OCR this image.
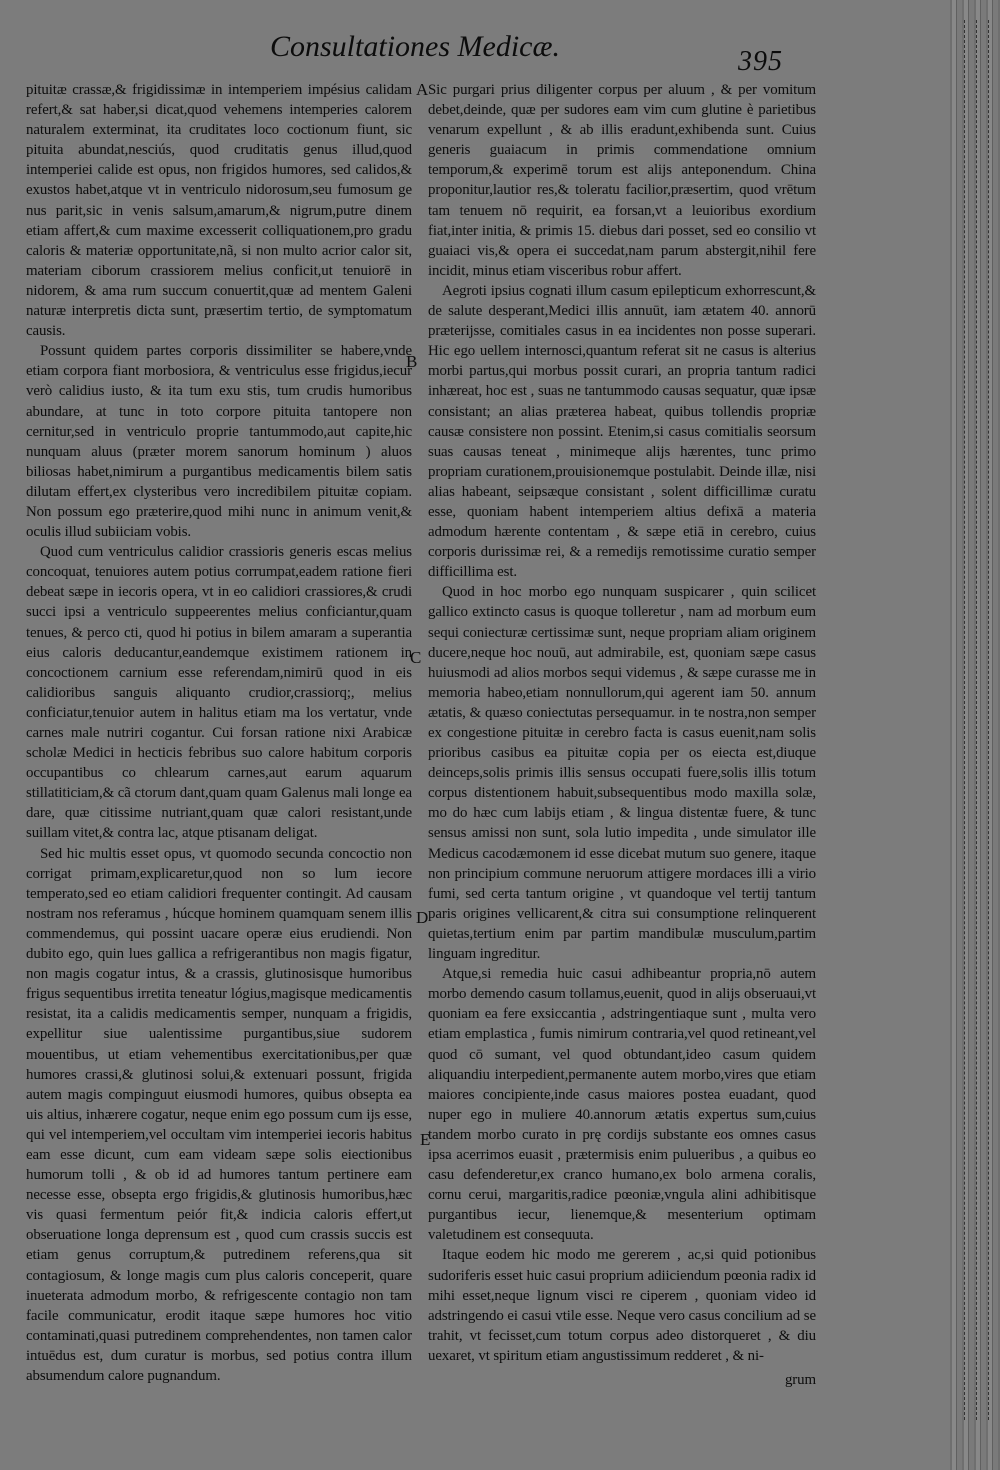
Consultationes Medicæ.	395

pituitæ crassæ,& frigidissimæ in intemperiem impésius calidam refert,& sat haber,si dicat,quod vehemens intemperies calorem naturalem exterminat, ita cruditates loco coctionum fiunt, sic pituita abundat,nesciús, quod cruditatis genus illud,quod intemperiei calide est opus, non frigidos humores, sed calidos,& exustos habet,atque vt in ventriculo nidorosum,seu fumosum ge nus parit,sic in venis salsum,amarum,& nigrum,putre dinem etiam affert,& cum maxime excesserit colliquationem,pro gradu caloris & materiæ opportunitate,nã, si non multo acrior calor sit, materiam ciborum crassiorem melius conficit,ut tenuiorē in nidorem, & ama rum succum conuertit,quæ ad mentem Galeni naturæ interpretis dicta sunt, præsertim tertio, de symptomatum causis.

Possunt quidem partes corporis dissimiliter se habere,vnde etiam corpora fiant morbosiora, & ventriculus esse frigidus,iecur verò calidius iusto, & ita tum exu stis, tum crudis humoribus abundare, at tunc in toto corpore pituita tantopere non cernitur,sed in ventriculo proprie tantummodo,aut capite,hic nunquam aluus (præter morem sanorum hominum ) aluos biliosas habet,nimirum a purgantibus medicamentis bilem satis dilutam effert,ex clysteribus vero incredibilem pituitæ copiam. Non possum ego præterire,quod mihi nunc in animum venit,& oculis illud subiiciam vobis.

Quod cum ventriculus calidior crassioris generis escas melius concoquat, tenuiores autem potius corrumpat,eadem ratione fieri debeat sæpe in iecoris opera, vt in eo calidiori crassiores,& crudi succi ipsi a ventriculo suppeerentes melius conficiantur,quam tenues, & perco cti, quod hi potius in bilem amaram a superantia eius caloris deducantur,eandemque existimem rationem in concoctionem carnium esse referendam,nimirū quod in eis calidioribus sanguis aliquanto crudior,crassiorq;, melius conficiatur,tenuior autem in halitus etiam ma los vertatur, vnde carnes male nutriri cogantur. Cui forsan ratione nixi Arabicæ scholæ Medici in hecticis febribus suo calore habitum corporis occupantibus co chlearum carnes,aut earum aquarum stillatiticiam,& cã ctorum dant,quam quam Galenus mali longe ea dare, quæ citissime nutriant,quam quæ calori resistant,unde suillam vitet,& contra lac, atque ptisanam deligat.

Sed hic multis esset opus, vt quomodo secunda concoctio non corrigat primam,explicaretur,quod non so lum iecore temperato,sed eo etiam calidiori frequenter contingit. Ad causam nostram nos referamus , húcque hominem quamquam senem illis commendemus, qui possint uacare operæ eius erudiendi. Non dubito ego, quin lues gallica a refrigerantibus non magis figatur, non magis cogatur intus, & a crassis, glutinosisque humoribus frigus sequentibus irretita teneatur lógius,magisque medicamentis resistat, ita a calidis medicamentis semper, nunquam a frigidis, expellitur siue ualentissime purgantibus,siue sudorem mouentibus, ut etiam vehementibus exercitationibus,per quæ humores crassi,& glutinosi solui,& extenuari possunt, frigida autem magis compinguut eiusmodi humores, quibus obsepta ea uis altius, inhærere cogatur, neque enim ego possum cum ijs esse, qui vel intemperiem,vel occultam vim intemperiei iecoris habitus eam esse dicunt, cum eam videam sæpe solis eiectionibus humorum tolli , & ob id ad humores tantum pertinere eam necesse esse, obsepta ergo frigidis,& glutinosis humoribus,hæc vis quasi fermentum peiór fit,& indicia caloris effert,ut obseruatione longa deprensum est , quod cum crassis succis est etiam genus corruptum,& putredinem referens,qua sit contagiosum, & longe magis cum plus caloris conceperit, quare inueterata admodum morbo, & refrigescente contagio non tam facile communicatur, erodit itaque sæpe humores hoc vitio contaminati,quasi putredinem comprehendentes, non tamen calor intuēdus est, dum curatur is morbus, sed potius contra illum absumendum calore pugnandum.

Sic purgari prius diligenter corpus per aluum , & per vomitum debet,deinde, quæ per sudores eam vim cum glutine è parietibus venarum expellunt , & ab illis eradunt,exhibenda sunt. Cuius generis guaiacum in primis commendatione omnium temporum,& experimē torum est alijs anteponendum. China proponitur,lautior res,& toleratu facilior,præsertim, quod vrētum tam tenuem nō requirit, ea forsan,vt a leuioribus exordium fiat,inter initia, & primis 15. diebus dari posset, sed eo consilio vt guaiaci vis,& opera ei succedat,nam parum abstergit,nihil fere incidit, minus etiam visceribus robur affert.

Aegroti ipsius cognati illum casum epilepticum exhorrescunt,& de salute desperant,Medici illis annuūt, iam ætatem 40. annorū præterijsse, comitiales casus in ea incidentes non posse superari. Hic ego uellem internosci,quantum referat sit ne casus is alterius morbi partus,qui morbus possit curari, an propria tantum radici inhæreat, hoc est , suas ne tantummodo causas sequatur, quæ ipsæ consistant; an alias præterea habeat, quibus tollendis propriæ causæ consistere non possint. Etenim,si casus comitialis seorsum suas causas teneat , minimeque alijs hærentes, tunc primo propriam curationem,prouisionemque postulabit. Deinde illæ, nisi alias habeant, seipsæque consistant , solent difficillimæ curatu esse, quoniam habent intemperiem altius defixā a materia admodum hærente contentam , & sæpe etiā in cerebro, cuius corporis durissimæ rei, & a remedijs remotissime curatio semper difficillima est.

Quod in hoc morbo ego nunquam suspicarer , quin scilicet gallico extincto casus is quoque tolleretur , nam ad morbum eum sequi coniecturæ certissimæ sunt, neque propriam aliam originem ducere,neque hoc nouū, aut admirabile, est, quoniam sæpe casus huiusmodi ad alios morbos sequi videmus , & sæpe curasse me in memoria habeo,etiam nonnullorum,qui agerent iam 50. annum ætatis, & quæso coniectutas persequamur. in te nostra,non semper ex congestione pituitæ in cerebro facta is casus euenit,nam solis prioribus casibus ea pituitæ copia per os eiecta est,diuque deinceps,solis primis illis sensus occupati fuere,solis illis totum corpus distentionem habuit,subsequentibus modo maxilla solæ, mo do hæc cum labijs etiam , & lingua distentæ fuere, & tunc sensus amissi non sunt, sola lutio impedita , unde simulator ille Medicus cacodæmonem id esse dicebat mutum suo genere, itaque non principium commune neruorum attigere mordaces illi a virio fumi, sed certa tantum origine , vt quandoque vel tertij tantum paris origines vellicarent,& citra sui consumptione relinquerent quietas,tertium enim par partim mandibulæ musculum,partim linguam ingreditur.

Atque,si remedia huic casui adhibeantur propria,nō autem morbo demendo casum tollamus,euenit, quod in alijs obseruaui,vt quoniam ea fere exsiccantia , adstringentiaque sunt , multa vero etiam emplastica , fumis nimirum contraria,vel quod retineant,vel quod cō sumant, vel quod obtundant,ideo casum quidem aliquandiu interpedient,permanente autem morbo,vires que etiam maiores concipiente,inde casus maiores postea euadant, quod nuper ego in muliere 40.annorum ætatis expertus sum,cuius tandem morbo curato in prę cordijs substante eos omnes casus ipsa acerrimos euasit , prætermisis enim pulueribus , a quibus eo casu defenderetur,ex cranco humano,ex bolo armena coralis, cornu cerui, margaritis,radice pœoniæ,vngula alini adhibitisque purgantibus iecur, lienemque,& mesenterium optimam valetudinem est consequuta.

Itaque eodem hic modo me gererem , ac,si quid potionibus sudoriferis esset huic casui proprium adiiciendum pœonia radix id mihi esset,neque lignum visci re ciperem , quoniam video id adstringendo ei casui vtile esse. Neque vero casus concilium ad se trahit, vt fecisset,cum totum corpus adeo distorqueret , & diu uexaret, vt spiritum etiam angustissimum redderet , & ni-

grum
A
B
C
D
E
